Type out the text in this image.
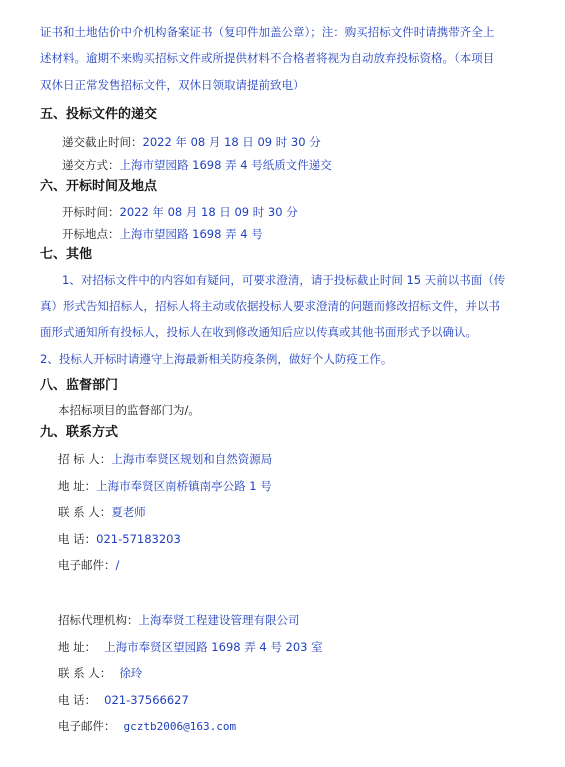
证书和土地估价中介机构备案证书（复印件加盖公章）；注：购买招标文件时请携带齐全上
述材料。逾期不来购买招标文件或所提供材料不合格者将视为自动放弃投标资格。（本项目
双休日正常发售招标文件，双休日领取请提前致电）
五、投标文件的递交
递交截止时间：2022 年 08 月 18 日 09 时 30 分
递交方式：上海市望园路 1698 弄 4 号纸质文件递交
六、开标时间及地点
开标时间：2022 年 08 月 18 日 09 时 30 分
开标地点：上海市望园路 1698 弄 4 号
七、其他
1、对招标文件中的内容如有疑问，可要求澄清，请于投标截止时间 15 天前以书面（传
真）形式告知招标人，招标人将主动或依据投标人要求澄清的问题而修改招标文件，并以书
面形式通知所有投标人，投标人在收到修改通知后应以传真或其他书面形式予以确认。
2、投标人开标时请遵守上海最新相关防疫条例，做好个人防疫工作。
八、监督部门
本招标项目的监督部门为/。
九、联系方式
招 标 人：上海市奉贤区规划和自然资源局
地 址：上海市奉贤区南桥镇南亭公路 1 号
联 系 人：夏老师
电 话：021-57183203
电子邮件：/
招标代理机构：上海奉贤工程建设管理有限公司
地 址： 上海市奉贤区望园路 1698 弄 4 号 203 室
联 系 人： 徐玲
电 话： 021-37566627
电子邮件： gcztb2006@163.com
